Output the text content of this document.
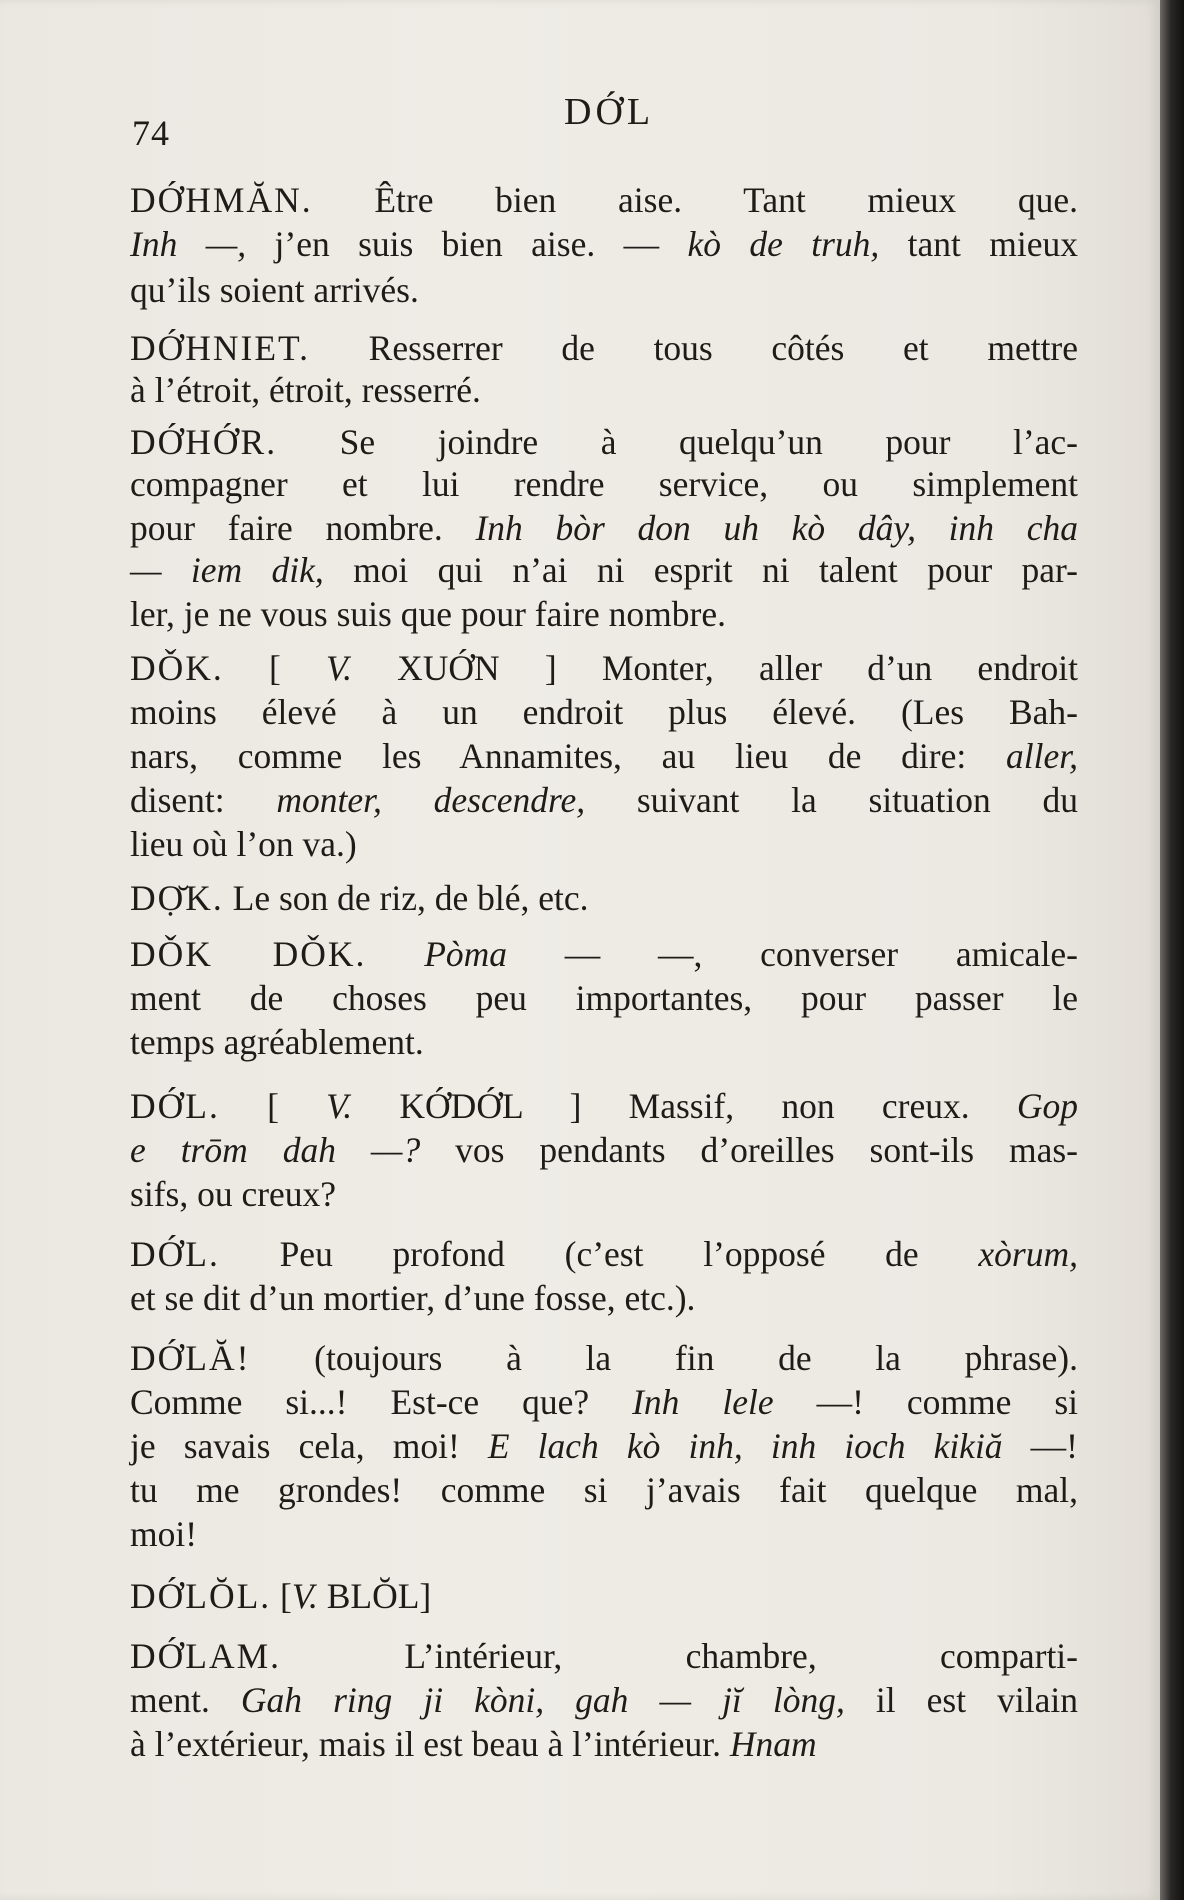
74	DỚL
DỚHMĂN. Être bien aise. Tant mieux que.
Inh —, j’en suis bien aise. — kò de truh, tant mieux
qu’ils soient arrivés.
DỚHNIET. Resserrer de tous côtés et mettre
à l’étroit, étroit, resserré.
DỚHỚR. Se joindre à quelqu’un pour l’ac-
compagner et lui rendre service, ou simplement
pour faire nombre. Inh bòr don uh kò dây, inh cha
— iem dik, moi qui n’ai ni esprit ni talent pour par-
ler, je ne vous suis que pour faire nombre.
DǑK. [ V. XUỚN ] Monter, aller d’un endroit
moins élevé à un endroit plus élevé. (Les Bah-
nars, comme les Annamites, au lieu de dire: aller,
disent: monter, descendre, suivant la situation du
lieu où l’on va.)
DỌ̆K. Le son de riz, de blé, etc.
DǑK DǑK. Pòma — —, converser amicale-
ment de choses peu importantes, pour passer le
temps agréablement.
DỚL. [ V. KỚDỚL ] Massif, non creux. Gop
e trōm dah —? vos pendants d’oreilles sont-ils mas-
sifs, ou creux?
DỚL. Peu profond (c’est l’opposé de xòrum,
et se dit d’un mortier, d’une fosse, etc.).
DỚLĂ! (toujours à la fin de la phrase).
Comme si...! Est-ce que? Inh lele —! comme si
je savais cela, moi! E lach kò inh, inh ioch kikiă —!
tu me grondes! comme si j’avais fait quelque mal,
moi!
DỚLŎL. [V. BLŎL]
DỚLAM.	L’intérieur, chambre, comparti-
ment. Gah ring ji kòni, gah — jĭ lòng, il est vilain
à l’extérieur, mais il est beau à l’intérieur. Hnam
